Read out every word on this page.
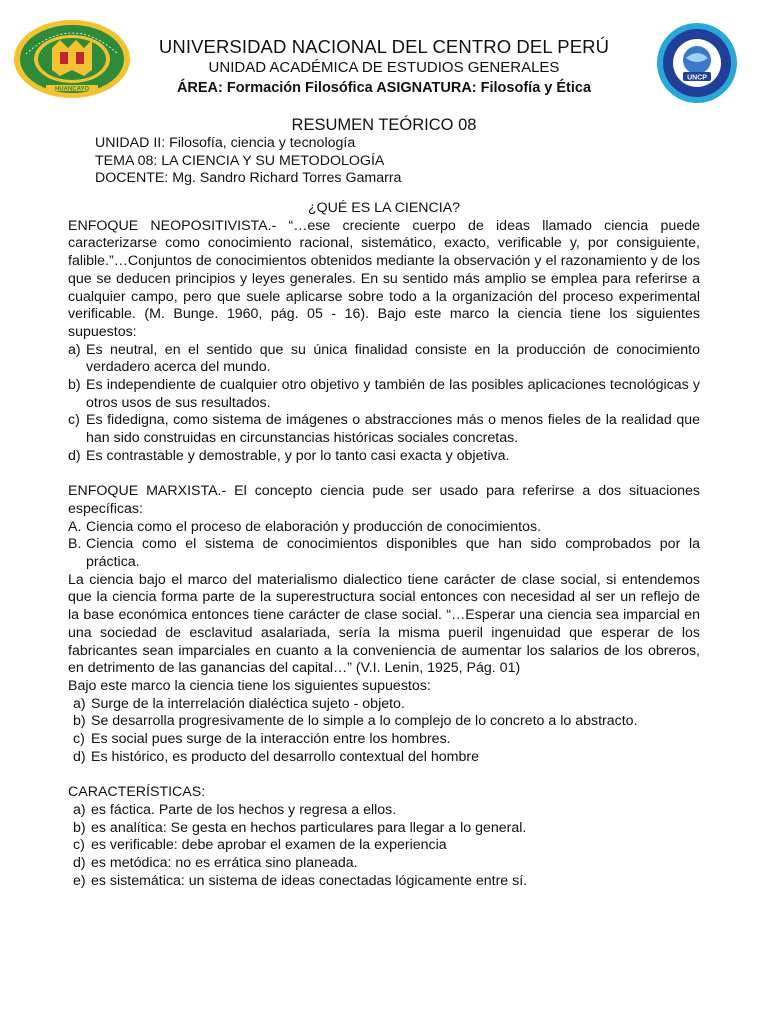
HUANCAYO
UNCP
UNIVERSIDAD NACIONAL DEL CENTRO DEL PERÚ
UNIDAD ACADÉMICA DE ESTUDIOS GENERALES
ÁREA: Formación Filosófica ASIGNATURA: Filosofía y Ética
RESUMEN TEÓRICO 08
UNIDAD II: Filosofía, ciencia y tecnología
TEMA 08: LA CIENCIA Y SU METODOLOGÍA
DOCENTE: Mg. Sandro Richard Torres Gamarra
¿QUÉ ES LA CIENCIA?
ENFOQUE NEOPOSITIVISTA.- “…ese creciente cuerpo de ideas llamado ciencia puede caracterizarse como conocimiento racional, sistemático, exacto, verificable y, por consiguiente, falible.”…Conjuntos de conocimientos obtenidos mediante la observación y el razonamiento y de los que se deducen principios y leyes generales. En su sentido más amplio se emplea para referirse a cualquier campo, pero que suele aplicarse sobre todo a la organización del proceso experimental verificable. (M. Bunge. 1960, pág. 05 - 16). Bajo este marco la ciencia tiene los siguientes supuestos:
a) Es neutral, en el sentido que su única finalidad consiste en la producción de conocimiento verdadero acerca del mundo.
b) Es independiente de cualquier otro objetivo y también de las posibles aplicaciones tecnológicas y otros usos de sus resultados.
c) Es fidedigna, como sistema de imágenes o abstracciones más o menos fieles de la realidad que han sido construidas en circunstancias históricas sociales concretas.
d) Es contrastable y demostrable, y por lo tanto casi exacta y objetiva.
ENFOQUE MARXISTA.- El concepto ciencia pude ser usado para referirse a dos situaciones específicas:
A. Ciencia como el proceso de elaboración y producción de conocimientos.
B. Ciencia como el sistema de conocimientos disponibles que han sido comprobados por la práctica.
La ciencia bajo el marco del materialismo dialectico tiene carácter de clase social, si entendemos que la ciencia forma parte de la superestructura social entonces con necesidad al ser un reflejo de la base económica entonces tiene carácter de clase social. “…Esperar una ciencia sea imparcial en una sociedad de esclavitud asalariada, sería la misma pueril ingenuidad que esperar de los fabricantes sean imparciales en cuanto a la conveniencia de aumentar los salarios de los obreros, en detrimento de las ganancias del capital…” (V.I. Lenin, 1925, Pág. 01)
Bajo este marco la ciencia tiene los siguientes supuestos:
a) Surge de la interrelación dialéctica sujeto - objeto.
b) Se desarrolla progresivamente de lo simple a lo complejo de lo concreto a lo abstracto.
c) Es social pues surge de la interacción entre los hombres.
d) Es histórico, es producto del desarrollo contextual del hombre
CARACTERÍSTICAS:
a) es fáctica. Parte de los hechos y regresa a ellos.
b) es analítica: Se gesta en hechos particulares para llegar a lo general.
c) es verificable: debe aprobar el examen de la experiencia
d) es metódica: no es errática sino planeada.
e) es sistemática: un sistema de ideas conectadas lógicamente entre sí.
